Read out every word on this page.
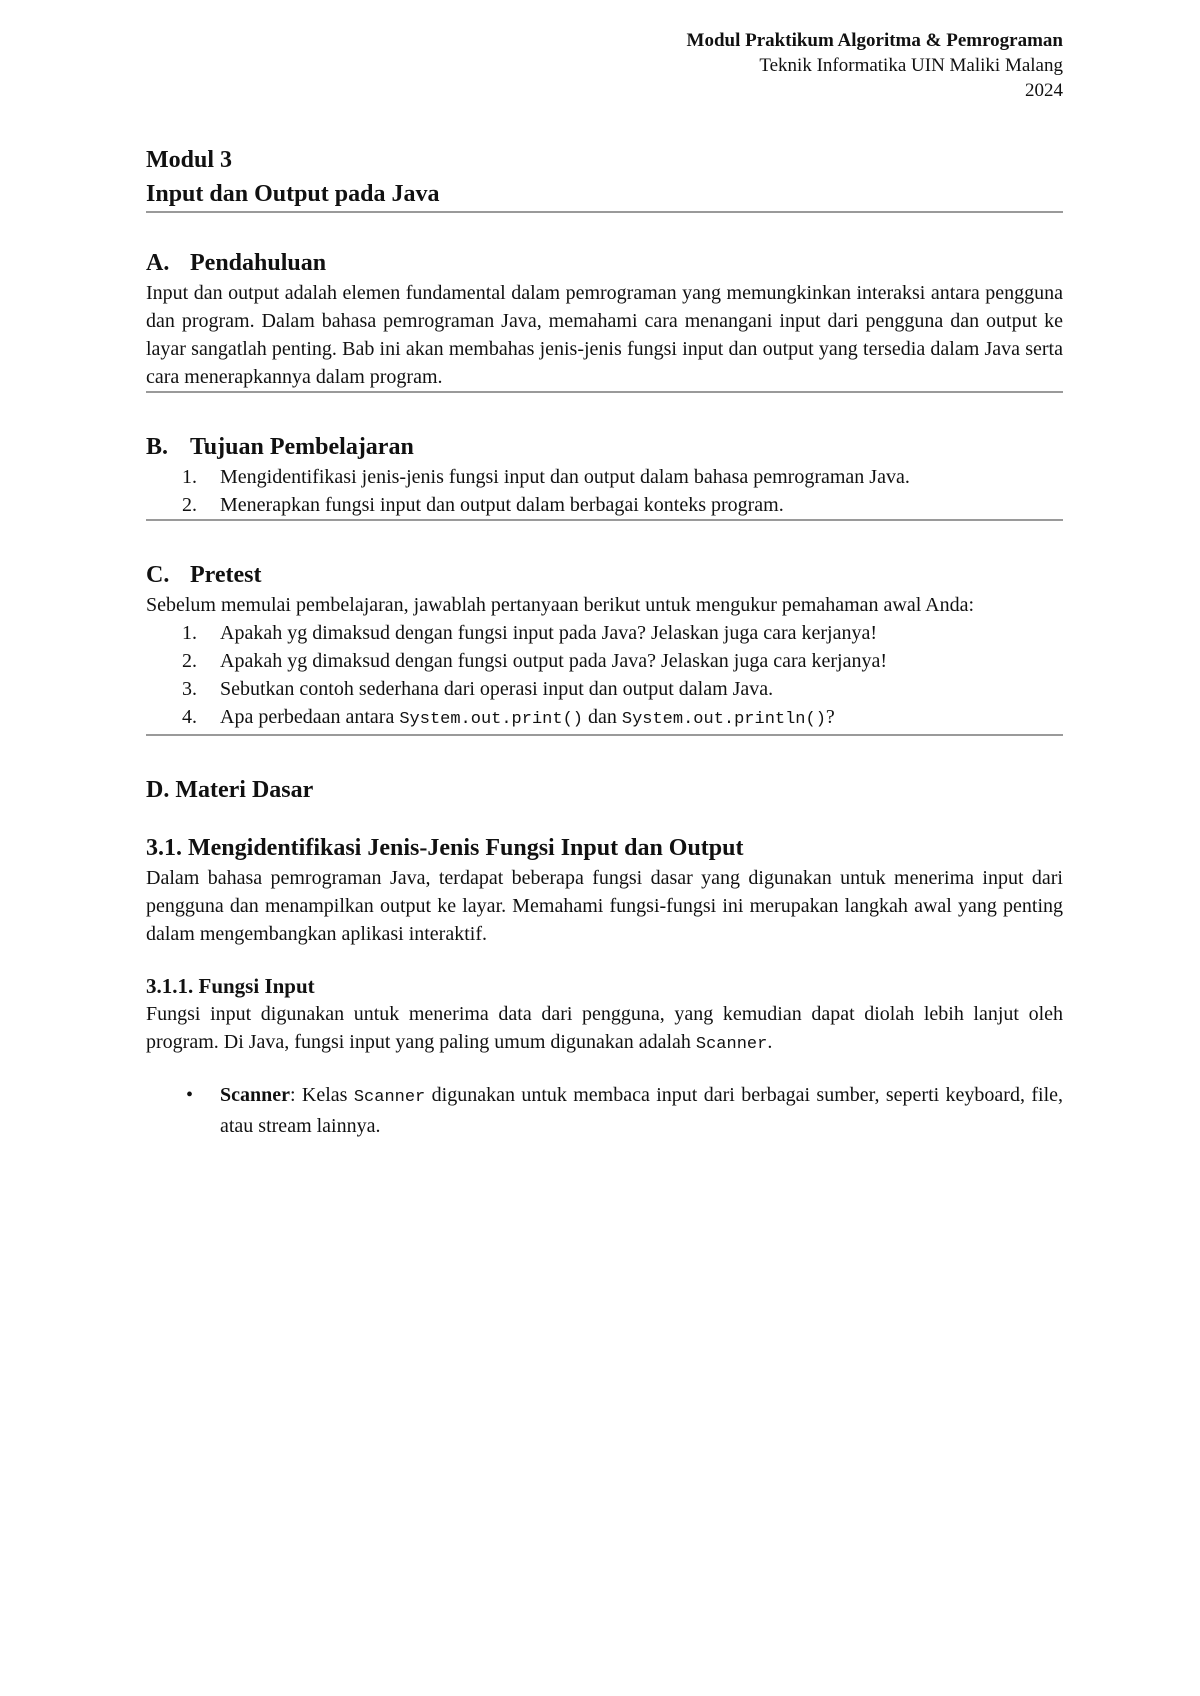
Modul Praktikum Algoritma & Pemrograman
Teknik Informatika UIN Maliki Malang
2024
Modul 3
Input dan Output pada Java
A. Pendahuluan

Input dan output adalah elemen fundamental dalam pemrograman yang memungkinkan interaksi antara pengguna dan program. Dalam bahasa pemrograman Java, memahami cara menangani input dari pengguna dan output ke layar sangatlah penting. Bab ini akan membahas jenis-jenis fungsi input dan output yang tersedia dalam Java serta cara menerapkannya dalam program.

B. Tujuan Pembelajaran
1. Mengidentifikasi jenis-jenis fungsi input dan output dalam bahasa pemrograman Java.
2. Menerapkan fungsi input dan output dalam berbagai konteks program.
C. Pretest

Sebelum memulai pembelajaran, jawablah pertanyaan berikut untuk mengukur pemahaman awal Anda:

1. Apakah yg dimaksud dengan fungsi input pada Java? Jelaskan juga cara kerjanya!
2. Apakah yg dimaksud dengan fungsi output pada Java? Jelaskan juga cara kerjanya!
3. Sebutkan contoh sederhana dari operasi input dan output dalam Java.
4. Apa perbedaan antara System.out.print() dan System.out.println()?
D. Materi Dasar
3.1. Mengidentifikasi Jenis-Jenis Fungsi Input dan Output

Dalam bahasa pemrograman Java, terdapat beberapa fungsi dasar yang digunakan untuk menerima input dari pengguna dan menampilkan output ke layar. Memahami fungsi-fungsi ini merupakan langkah awal yang penting dalam mengembangkan aplikasi interaktif.

3.1.1. Fungsi Input

Fungsi input digunakan untuk menerima data dari pengguna, yang kemudian dapat diolah lebih lanjut oleh program. Di Java, fungsi input yang paling umum digunakan adalah Scanner.

• Scanner: Kelas Scanner digunakan untuk membaca input dari berbagai sumber, seperti keyboard, file, atau stream lainnya.
